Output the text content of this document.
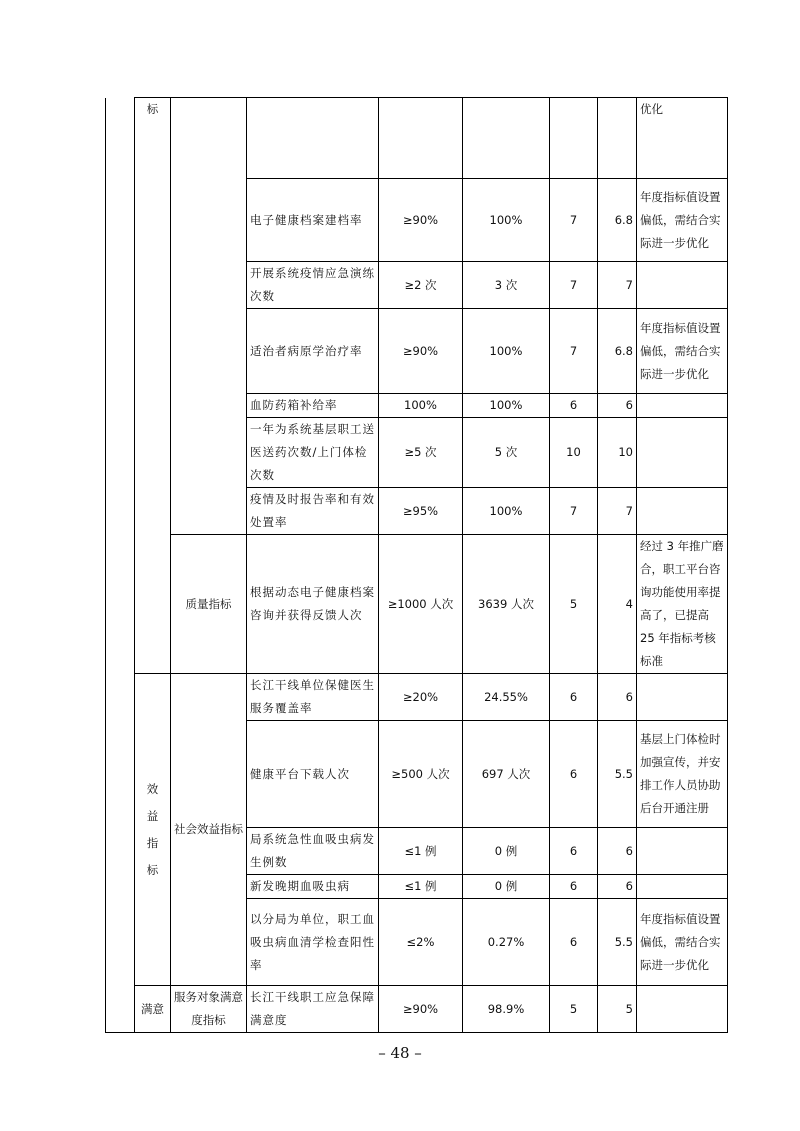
	标							优化
			电子健康档案建档率	≥90%	100%	7	6.8	年度指标值设置偏低，需结合实际进一步优化
			开展系统疫情应急演练次数	≥2 次	3 次	7	7	
			适治者病原学治疗率	≥90%	100%	7	6.8	年度指标值设置偏低，需结合实际进一步优化
			血防药箱补给率	100%	100%	6	6	
			一年为系统基层职工送医送药次数/上门体检次数	≥5 次	5 次	10	10	
			疫情及时报告率和有效处置率	≥95%	100%	7	7	
		质量指标	根据动态电子健康档案咨询并获得反馈人次	≥1000 人次	3639 人次	5	4	经过 3 年推广磨合，职工平台咨询功能使用率提高了，已提高 25 年指标考核标准

	效益指标	社会效益指标	长江干线单位保健医生服务覆盖率	≥20%	24.55%	6	6	
			健康平台下载人次	≥500 人次	697 人次	6	5.5	基层上门体检时加强宣传，并安排工作人员协助后台开通注册
			局系统急性血吸虫病发生例数	≤1 例	0 例	6	6	
			新发晚期血吸虫病	≤1 例	0 例	6	6	
			以分局为单位，职工血吸虫病血清学检查阳性率	≤2%	0.27%	6	5.5	年度指标值设置偏低，需结合实际进一步优化
	满意	服务对象满意度指标	长江干线职工应急保障满意度	≥90%	98.9%	5	5	
– 48 –
